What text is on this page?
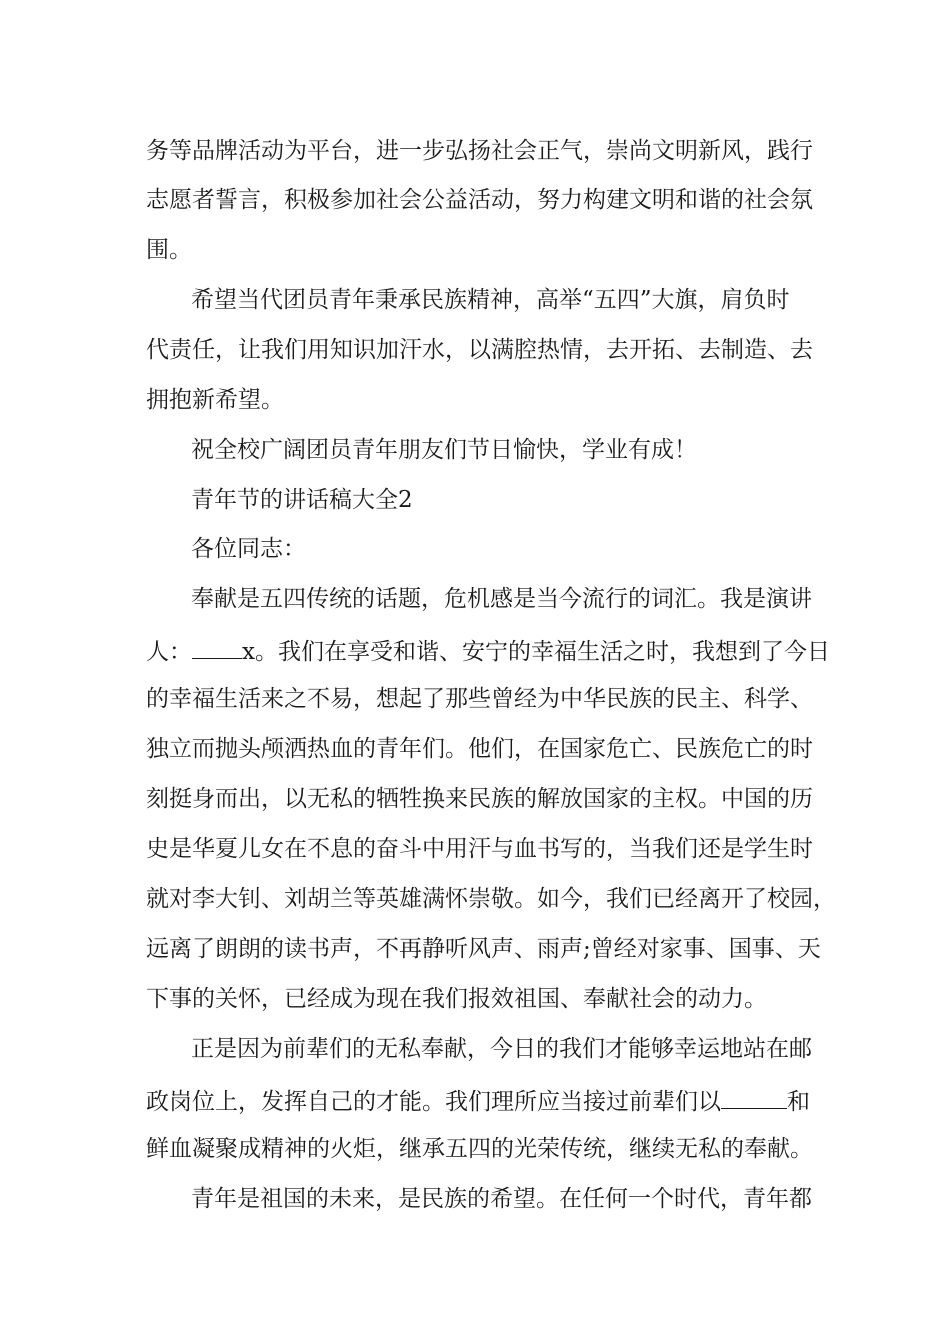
务等品牌活动为平台，进一步弘扬社会正气，崇尚文明新风，践行
志愿者誓言，积极参加社会公益活动，努力构建文明和谐的社会氛
围。
希望当代团员青年秉承民族精神，高举“五四”大旗，肩负时
代责任，让我们用知识加汗水，以满腔热情，去开拓、去制造、去
拥抱新希望。
祝全校广阔团员青年朋友们节日愉快，学业有成！
青年节的讲话稿大全2
各位同志：
奉献是五四传统的话题，危机感是当今流行的词汇。我是演讲
人： x。我们在享受和谐、安宁的幸福生活之时，我想到了今日
的幸福生活来之不易，想起了那些曾经为中华民族的民主、科学、
独立而抛头颅洒热血的青年们。他们，在国家危亡、民族危亡的时
刻挺身而出，以无私的牺牲换来民族的解放国家的主权。中国的历
史是华夏儿女在不息的奋斗中用汗与血书写的，当我们还是学生时
就对李大钊、刘胡兰等英雄满怀崇敬。如今，我们已经离开了校园，
远离了朗朗的读书声，不再静听风声、雨声;曾经对家事、国事、天
下事的关怀，已经成为现在我们报效祖国、奉献社会的动力。
正是因为前辈们的无私奉献，今日的我们才能够幸运地站在邮
政岗位上，发挥自己的才能。我们理所应当接过前辈们以	和
鲜血凝聚成精神的火炬，继承五四的光荣传统，继续无私的奉献。
青年是祖国的未来，是民族的希望。在任何一个时代，青年都
